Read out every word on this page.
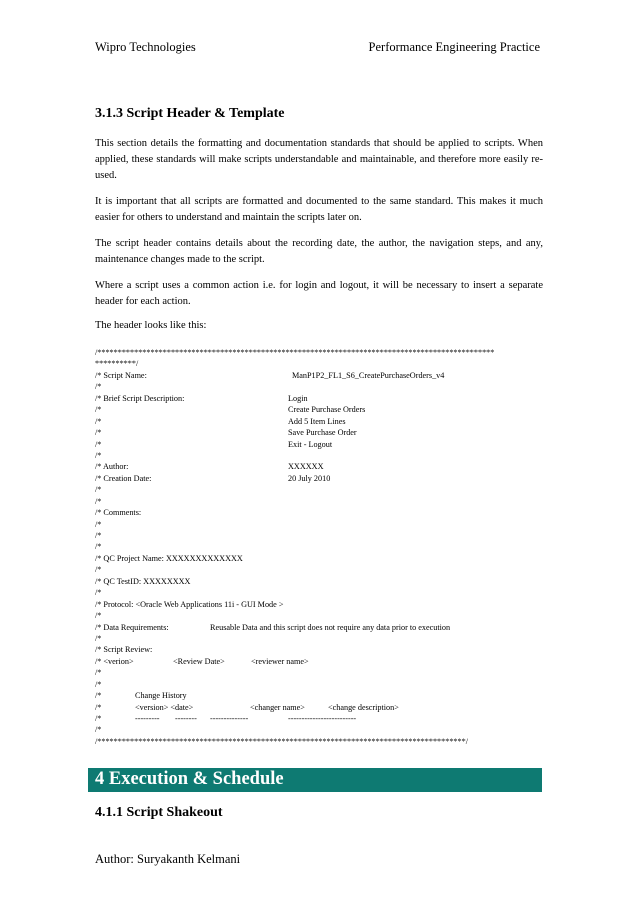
Wipro Technologies	Performance Engineering Practice
3.1.3 Script Header & Template
This section details the formatting and documentation standards that should be applied to scripts. When applied, these standards will make scripts understandable and maintainable, and therefore more easily re-used.
It is important that all scripts are formatted and documented to the same standard. This makes it much easier for others to understand and maintain the scripts later on.
The script header contains details about the recording date, the author, the navigation steps, and any, maintenance changes made to the script.
Where a script uses a common action i.e. for login and logout, it will be necessary to insert a separate header for each action.
The header looks like this:
/*************************************************************************************************
**********/
/* Script Name:	ManP1P2_FL1_S6_CreatePurchaseOrders_v4
/*
/* Brief Script Description:	Login
/*	Create Purchase Orders
/*	Add 5 Item Lines
/*	Save Purchase Order
/*	Exit - Logout
/*
/* Author:	XXXXXX
/* Creation Date:	20 July 2010
/*
/*
/* Comments:
/*
/*
/*
/* QC Project Name: XXXXXXXXXXXXX
/*
/* QC TestID: XXXXXXXX
/*
/* Protocol: <Oracle Web Applications 11i - GUI Mode >
/*
/* Data Requirements:	Reusable Data and this script does not require any data prior to execution
/*
/* Script Review:
/* <verion>	<Review Date>	<reviewer name>
/*
/*
/*	Change History
/*	<version> <date>	<changer name>	<change description>
/*	--------- -------- --------------	-------------------------
/*
/******************************************************************************************/
4 Execution & Schedule
4.1.1 Script Shakeout
Author: Suryakanth Kelmani
